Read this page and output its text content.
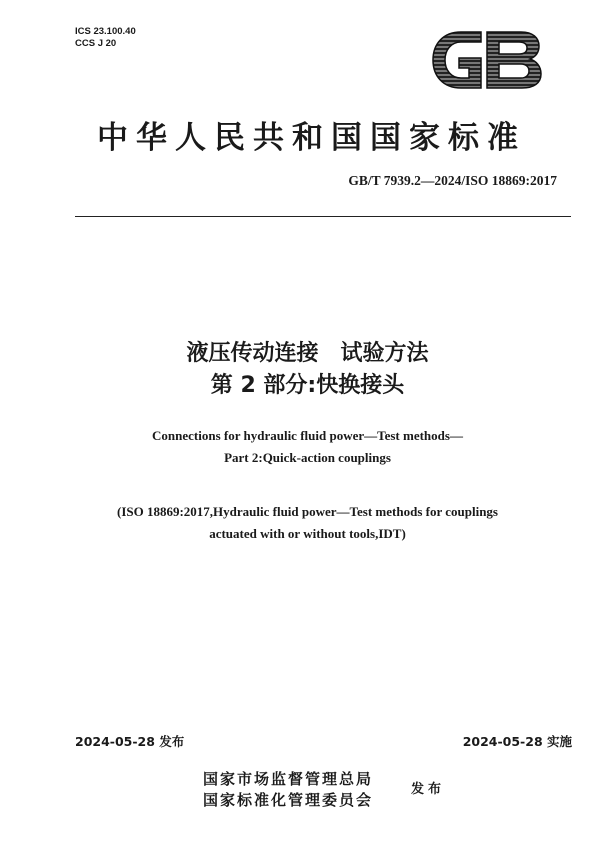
ICS 23.100.40
CCS J 20
GB
中华人民共和国国家标准
GB/T 7939.2—2024/ISO 18869:2017
液压传动连接　试验方法
第 2 部分:快换接头
Connections for hydraulic fluid power—Test methods—
Part 2:Quick-action couplings
(ISO 18869:2017,Hydraulic fluid power—Test methods for couplings
actuated with or without tools,IDT)
2024-05-28 发布	2024-05-28 实施
国家市场监督管理总局
国家标准化管理委员会
发布
